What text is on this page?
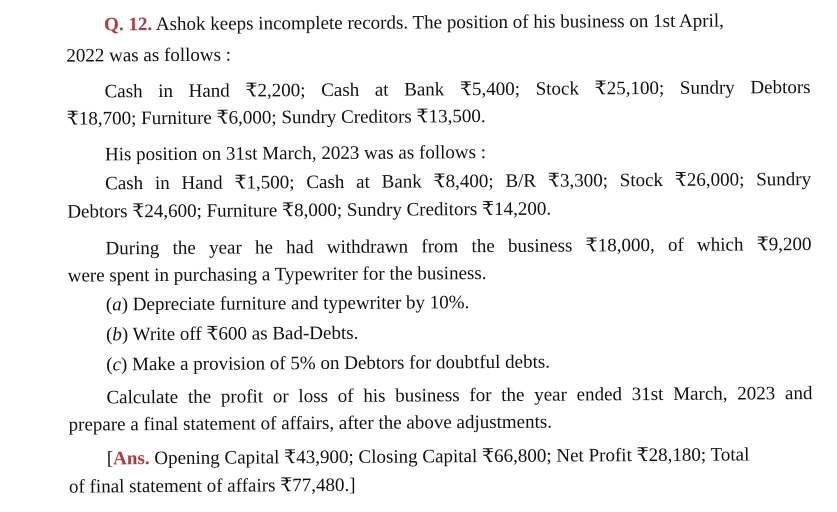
Q. 12. Ashok keeps incomplete records. The position of his business on 1st April,
2022 was as follows :
Cash in Hand ₹2,200; Cash at Bank ₹5,400; Stock ₹25,100; Sundry Debtors
₹18,700; Furniture ₹6,000; Sundry Creditors ₹13,500.
His position on 31st March, 2023 was as follows :
Cash in Hand ₹1,500; Cash at Bank ₹8,400; B/R ₹3,300; Stock ₹26,000; Sundry
Debtors ₹24,600; Furniture ₹8,000; Sundry Creditors ₹14,200.
During the year he had withdrawn from the business ₹18,000, of which ₹9,200
were spent in purchasing a Typewriter for the business.
(a) Depreciate furniture and typewriter by 10%.
(b) Write off ₹600 as Bad-Debts.
(c) Make a provision of 5% on Debtors for doubtful debts.
Calculate the profit or loss of his business for the year ended 31st March, 2023 and
prepare a final statement of affairs, after the above adjustments.
[Ans. Opening Capital ₹43,900; Closing Capital ₹66,800; Net Profit ₹28,180; Total
of final statement of affairs ₹77,480.]
